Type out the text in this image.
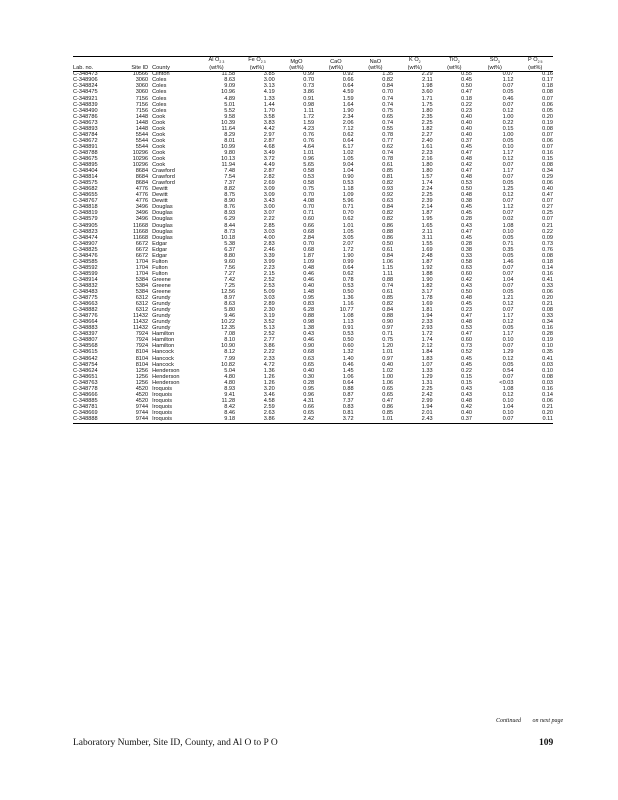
			Al $O_{2 3}$	Fe $O_{2 3}$	MgO	CaO	NaO	K $O_2$	TiO$_2$	$SO_3$	P $O_{2 5}$
Lab. no.	Site ID	County	(wt%)	(wt%)	(wt%)	(wt%)	(wt%)	(wt%)	(wt%)	(wt%)	(wt%)
C-348473	10566	Clinton	11.58	3.85	0.99	0.92	1.35	2.29	0.55	0.07	0.16
C-348906	3060	Coles	8.63	3.00	0.70	0.66	0.82	2.11	0.45	1.12	0.17
C-348824	3060	Coles	9.09	3.13	0.73	0.64	0.84	1.98	0.50	0.07	0.18
C-348475	3060	Coles	10.96	4.19	3.86	4.59	0.70	3.60	0.47	0.05	0.08
C-348921	7156	Coles	4.89	1.33	0.91	1.59	0.74	1.71	0.18	0.46	0.07
C-348839	7156	Coles	5.01	1.44	0.98	1.64	0.74	1.75	0.22	0.07	0.06
C-348490	7156	Coles	5.52	1.70	1.11	1.90	0.75	1.80	0.23	0.12	0.05
C-348786	1448	Cook	9.58	3.58	1.72	2.34	0.65	2.35	0.40	1.00	0.20
C-348673	1448	Cook	10.39	3.83	1.59	2.06	0.74	2.25	0.40	0.22	0.19
C-348893	1448	Cook	11.64	4.42	4.23	7.12	0.55	1.82	0.40	0.15	0.08
C-348784	5544	Cook	8.29	2.97	0.76	0.62	0.78	2.27	0.40	1.00	0.07
C-348672	5544	Cook	8.01	2.87	0.76	0.64	0.77	2.40	0.37	0.05	0.06
C-348891	5544	Cook	10.99	4.68	4.64	6.17	0.62	1.61	0.45	0.10	0.07
C-348788	10296	Cook	9.80	3.49	1.01	1.02	0.74	2.23	0.47	1.17	0.16
C-348675	10296	Cook	10.13	3.72	0.96	1.05	0.78	2.16	0.48	0.12	0.15
C-348895	10296	Cook	11.94	4.49	5.65	9.04	0.61	1.80	0.42	0.07	0.08
C-348404	8684	Crawford	7.48	2.87	0.58	1.04	0.85	1.80	0.47	1.17	0.34
C-348814	8684	Crawford	7.54	2.82	0.53	0.90	0.81	1.57	0.48	0.07	0.29
C-348575	8684	Crawford	7.37	2.69	0.58	0.53	0.82	1.74	0.53	0.05	0.06
C-348682	4776	Dewitt	8.82	3.09	0.75	1.18	0.93	2.24	0.50	1.25	0.40
C-348655	4776	Dewitt	8.75	3.09	0.70	1.09	0.92	2.25	0.48	0.12	0.47
C-348767	4776	Dewitt	8.90	3.43	4.08	5.96	0.63	2.39	0.38	0.07	0.07
C-348818	3496	Douglas	8.76	3.00	0.70	0.71	0.84	2.14	0.45	1.12	0.27
C-348819	3496	Douglas	8.93	3.07	0.71	0.70	0.82	1.87	0.45	0.07	0.25
C-348579	3496	Douglas	6.29	2.22	0.60	0.62	0.82	1.95	0.28	0.02	0.07
C-348905	11668	Douglas	8.44	2.85	0.66	1.01	0.86	1.65	0.43	1.08	0.21
C-348823	11668	Douglas	8.73	3.03	0.68	1.05	0.88	2.11	0.47	0.10	0.22
C-348474	11668	Douglas	10.18	4.00	2.84	3.05	0.86	3.11	0.45	0.05	0.09
C-348907	6672	Edgar	5.38	2.83	0.70	2.07	0.50	1.55	0.28	0.71	0.73
C-348825	6672	Edgar	6.37	2.46	0.68	1.72	0.61	1.69	0.38	0.35	0.76
C-348476	6672	Edgar	8.80	3.39	1.87	1.90	0.84	2.48	0.33	0.05	0.08
C-348585	1704	Fulton	9.60	3.99	1.09	0.99	1.06	1.87	0.58	1.46	0.18
C-348592	1704	Fulton	7.56	2.23	0.48	0.64	1.15	1.92	0.63	0.07	0.14
C-348599	1704	Fulton	7.27	2.15	0.46	0.62	1.11	1.88	0.60	0.07	0.16
C-348914	5384	Greene	7.42	2.52	0.46	0.78	0.88	1.90	0.42	1.04	0.41
C-348832	5384	Greene	7.25	2.53	0.40	0.53	0.74	1.82	0.43	0.07	0.33
C-348483	5384	Greene	12.56	5.09	1.48	0.50	0.61	3.17	0.50	0.05	0.06
C-348775	6312	Grundy	8.97	3.03	0.95	1.36	0.85	1.78	0.48	1.21	0.20
C-348663	6312	Grundy	8.63	2.89	0.83	1.16	0.82	1.69	0.45	0.12	0.21
C-348882	6312	Grundy	5.80	2.30	6.28	10.77	0.84	1.81	0.23	0.07	0.08
C-348776	11432	Grundy	9.46	3.19	0.88	1.08	0.88	1.94	0.47	1.17	0.33
C-348664	11432	Grundy	10.22	3.52	0.98	1.13	0.90	2.33	0.48	0.12	0.34
C-348883	11432	Grundy	12.35	5.13	1.38	0.91	0.97	2.93	0.53	0.05	0.16
C-348397	7924	Hamilton	7.08	2.52	0.43	0.53	0.71	1.72	0.47	1.17	0.28
C-348807	7924	Hamilton	8.10	2.77	0.46	0.50	0.75	1.74	0.60	0.10	0.19
C-348568	7924	Hamilton	10.90	3.86	0.90	0.60	1.20	2.12	0.73	0.07	0.10
C-348615	8104	Hancock	8.12	2.22	0.68	1.32	1.01	1.84	0.52	1.29	0.35
C-348642	8104	Hancock	7.99	2.33	0.63	1.40	0.97	1.83	0.45	0.12	0.41
C-348754	8104	Hancock	10.82	4.72	0.65	0.46	0.40	1.07	0.45	0.05	0.03
C-348624	1256	Henderson	5.04	1.36	0.40	1.45	1.02	1.33	0.22	0.54	0.10
C-348651	1256	Henderson	4.80	1.26	0.30	1.06	1.00	1.29	0.15	0.07	0.08
C-348763	1256	Henderson	4.80	1.26	0.28	0.64	1.06	1.31	0.15	<0.03	0.03
C-348778	4520	Iroquois	8.93	3.20	0.95	0.88	0.65	2.25	0.43	1.08	0.16
C-348666	4520	Iroquois	9.41	3.46	0.96	0.87	0.65	2.42	0.43	0.12	0.14
C-348885	4520	Iroquois	11.28	4.58	4.31	7.37	0.47	2.99	0.48	0.10	0.06
C-348781	9744	Iroquois	8.42	2.59	0.66	0.83	0.86	1.94	0.42	1.04	0.21
C-348669	9744	Iroquois	8.46	2.63	0.65	0.81	0.85	2.01	0.40	0.10	0.20
C-348888	9744	Iroquois	9.18	3.86	2.42	3.72	1.01	2.43	0.37	0.07	0.11
Continued on next page
Laboratory Number, Site ID, County, and Al O to P O	109
